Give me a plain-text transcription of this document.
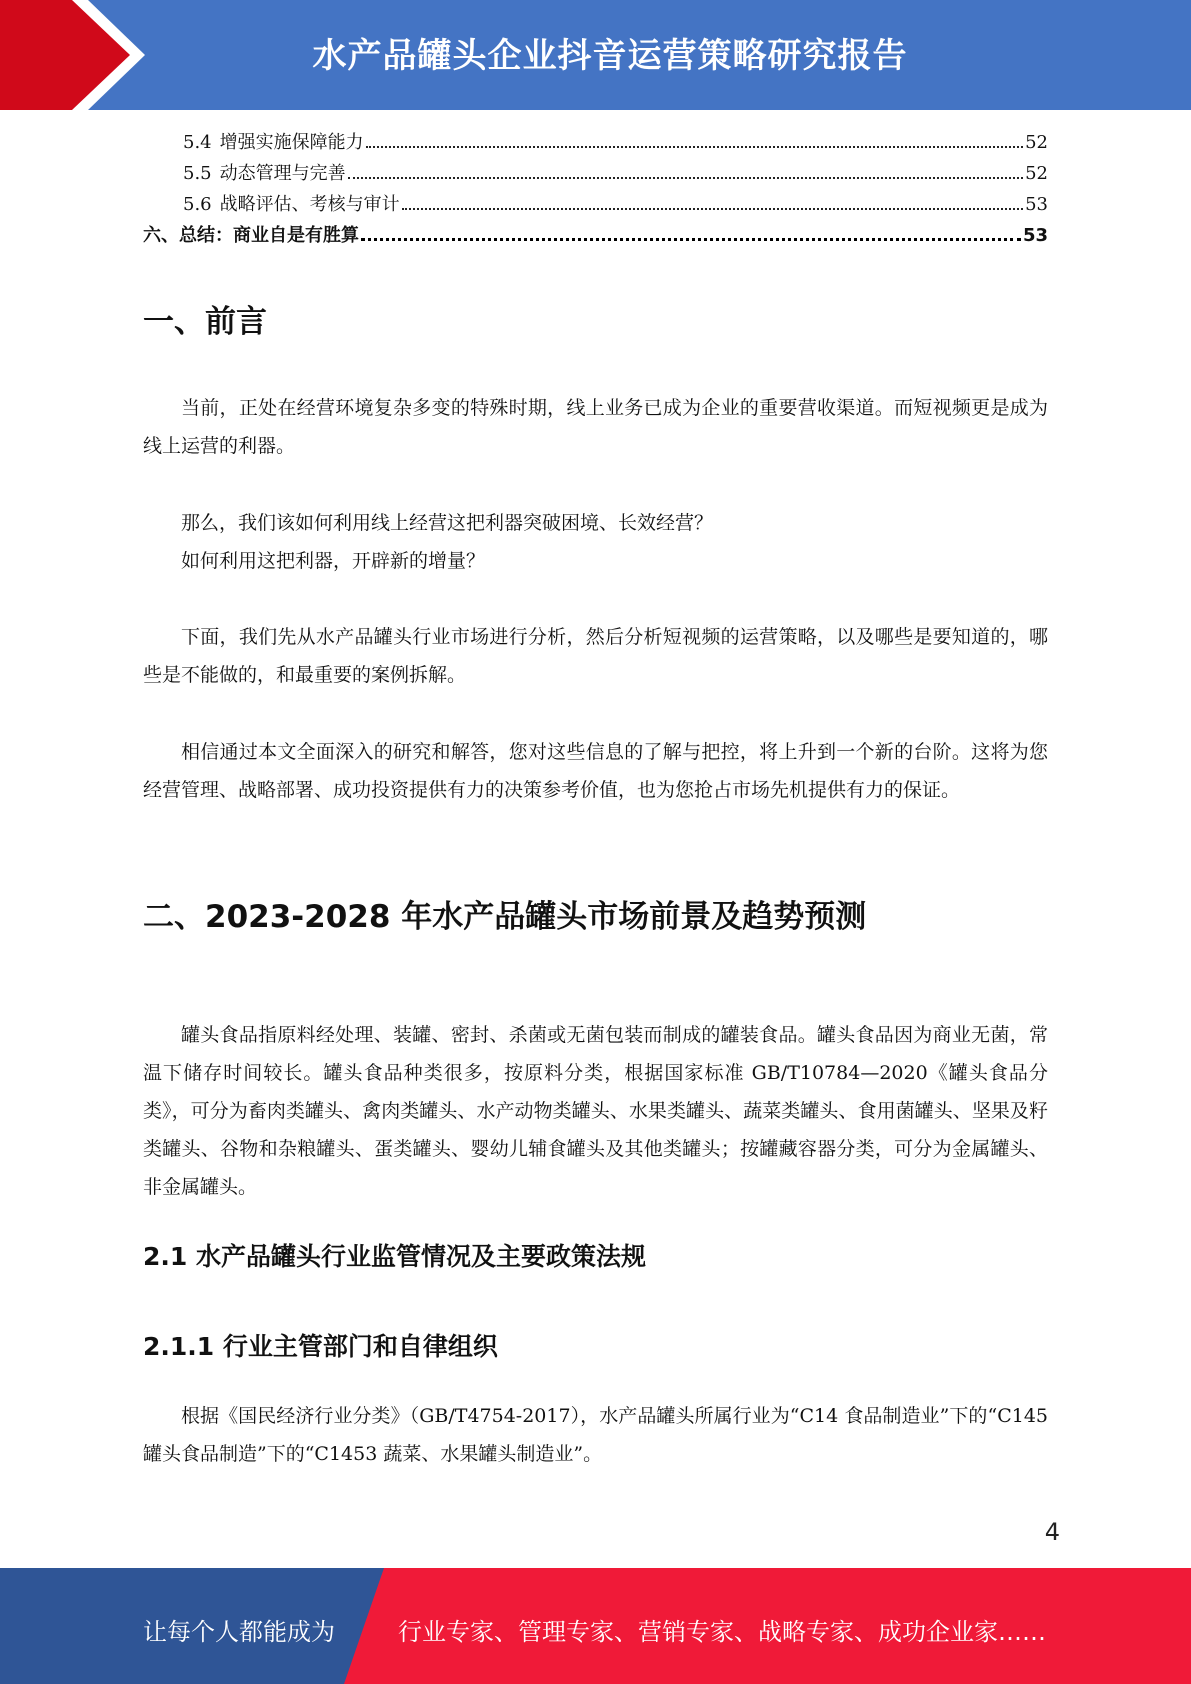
水产品罐头企业抖音运营策略研究报告
5.4 增强实施保障能力	52
5.5 动态管理与完善	52
5.6 战略评估、考核与审计	53
六、总结：商业自是有胜算	53
一、前言

当前，正处在经营环境复杂多变的特殊时期，线上业务已成为企业的重要营收渠道。而短视频更是成为线上运营的利器。

那么，我们该如何利用线上经营这把利器突破困境、长效经营？

如何利用这把利器，开辟新的增量？

下面，我们先从水产品罐头行业市场进行分析，然后分析短视频的运营策略，以及哪些是要知道的，哪些是不能做的，和最重要的案例拆解。

相信通过本文全面深入的研究和解答，您对这些信息的了解与把控，将上升到一个新的台阶。这将为您经营管理、战略部署、成功投资提供有力的决策参考价值，也为您抢占市场先机提供有力的保证。

二、2023-2028 年水产品罐头市场前景及趋势预测

罐头食品指原料经处理、装罐、密封、杀菌或无菌包装而制成的罐装食品。罐头食品因为商业无菌，常温下储存时间较长。罐头食品种类很多，按原料分类，根据国家标准 GB/T10784—2020《罐头食品分类》，可分为畜肉类罐头、禽肉类罐头、水产动物类罐头、水果类罐头、蔬菜类罐头、食用菌罐头、坚果及籽类罐头、谷物和杂粮罐头、蛋类罐头、婴幼儿辅食罐头及其他类罐头；按罐藏容器分类，可分为金属罐头、非金属罐头。

2.1 水产品罐头行业监管情况及主要政策法规
2.1.1 行业主管部门和自律组织

根据《国民经济行业分类》（GB/T4754-2017），水产品罐头所属行业为“C14 食品制造业”下的“C145 罐头食品制造”下的“C1453 蔬菜、水果罐头制造业”。

4
让每个人都能成为	行业专家、管理专家、营销专家、战略专家、成功企业家……
